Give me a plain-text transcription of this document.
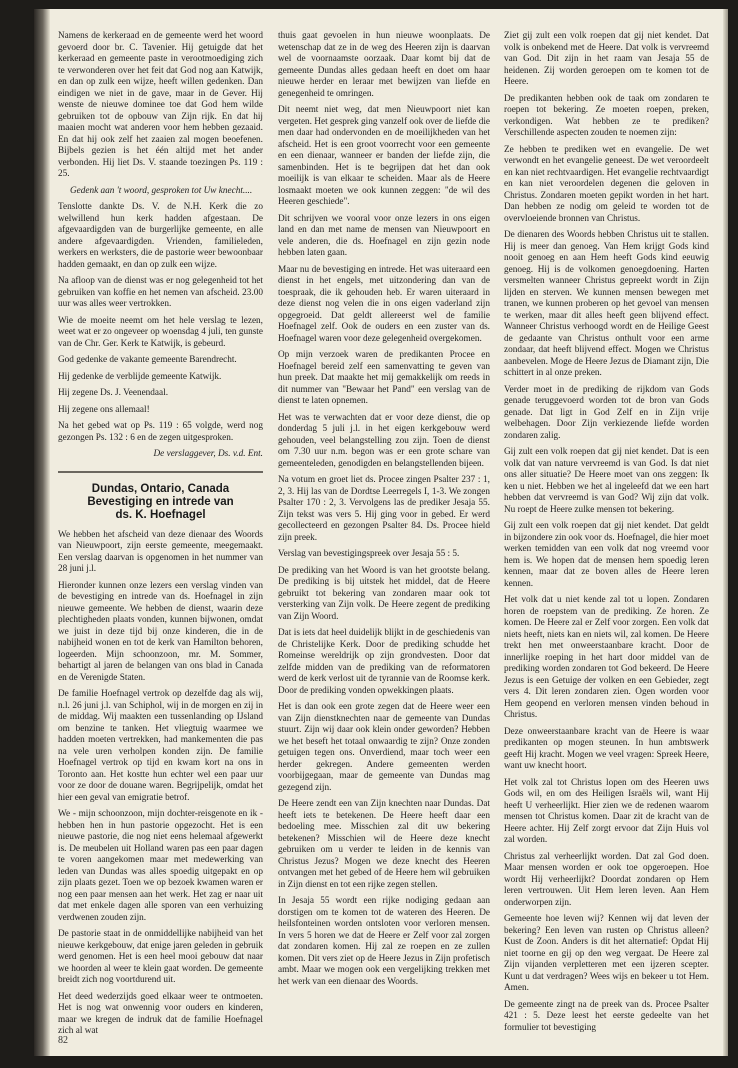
Namens de kerkeraad en de gemeente werd het woord gevoerd door br. C. Tavenier. Hij getuigde dat het kerkeraad en gemeente paste in verootmoediging zich te verwonderen over het feit dat God nog aan Katwijk, en dan op zulk een wijze, heeft willen gedenken. Dan eindigen we niet in de gave, maar in de Gever. Hij wenste de nieuwe dominee toe dat God hem wilde gebruiken tot de opbouw van Zijn rijk. En dat hij maaien mocht wat anderen voor hem hebben gezaaid. En dat hij ook zelf het zaaien zal mogen beoefenen. Bijbels gezien is het één altijd met het ander verbonden. Hij liet Ds. V. staande toezingen Ps. 119 : 25.

Gedenk aan 't woord, gesproken tot Uw knecht....

Tenslotte dankte Ds. V. de N.H. Kerk die zo welwillend hun kerk hadden afgestaan. De afgevaardigden van de burgerlijke gemeente, en alle andere afgevaardigden. Vrienden, familieleden, werkers en werksters, die de pastorie weer bewoonbaar hadden gemaakt, en dan op zulk een wijze.

Na afloop van de dienst was er nog gelegenheid tot het gebruiken van koffie en het nemen van afscheid. 23.00 uur was alles weer vertrokken.

Wie de moeite neemt om het hele verslag te lezen, weet wat er zo ongeveer op woensdag 4 juli, ten gunste van de Chr. Ger. Kerk te Katwijk, is gebeurd.

God gedenke de vakante gemeente Barendrecht.

Hij gedenke de verblijde gemeente Katwijk.

Hij zegene Ds. J. Veenendaal.

Hij zegene ons allemaal!

Na het gebed wat op Ps. 119 : 65 volgde, werd nog gezongen Ps. 132 : 6 en de zegen uitgesproken.

De verslaggever, Ds. v.d. Ent.

Dundas, Ontario, Canada
Bevestiging en intrede van
ds. K. Hoefnagel

We hebben het afscheid van deze dienaar des Woords van Nieuwpoort, zijn eerste gemeente, meegemaakt. Een verslag daarvan is opgenomen in het nummer van 28 juni j.l.

Hieronder kunnen onze lezers een verslag vinden van de bevestiging en intrede van ds. Hoefnagel in zijn nieuwe gemeente. We hebben de dienst, waarin deze plechtigheden plaats vonden, kunnen bijwonen, omdat we juist in deze tijd bij onze kinderen, die in de nabijheid wonen en tot de kerk van Hamilton behoren, logeerden. Mijn schoonzoon, mr. M. Sommer, behartigt al jaren de belangen van ons blad in Canada en de Verenigde Staten.

De familie Hoefnagel vertrok op dezelfde dag als wij, n.l. 26 juni j.l. van Schiphol, wij in de morgen en zij in de middag. Wij maakten een tussenlanding op IJsland om benzine te tanken. Het vliegtuig waarmee we hadden moeten vertrekken, had mankementen die pas na vele uren verholpen konden zijn. De familie Hoefnagel vertrok op tijd en kwam kort na ons in Toronto aan. Het kostte hun echter wel een paar uur voor ze door de douane waren. Begrijpelijk, omdat het hier een geval van emigratie betrof.

We - mijn schoonzoon, mijn dochter-reisgenote en ik - hebben hen in hun pastorie opgezocht. Het is een nieuwe pastorie, die nog niet eens helemaal afgewerkt is. De meubelen uit Holland waren pas een paar dagen te voren aangekomen maar met medewerking van leden van Dundas was alles spoedig uitgepakt en op zijn plaats gezet. Toen we op bezoek kwamen waren er nog een paar mensen aan het werk. Het zag er naar uit dat met enkele dagen alle sporen van een verhuizing verdwenen zouden zijn.

De pastorie staat in de onmiddellijke nabijheid van het nieuwe kerkgebouw, dat enige jaren geleden in gebruik werd genomen. Het is een heel mooi gebouw dat naar we hoorden al weer te klein gaat worden. De gemeente breidt zich nog voortdurend uit.

Het deed wederzijds goed elkaar weer te ontmoeten. Het is nog wat onwennig voor ouders en kinderen, maar we kregen de indruk dat de familie Hoefnagel zich al wat

thuis gaat gevoelen in hun nieuwe woonplaats. De wetenschap dat ze in de weg des Heeren zijn is daarvan wel de voornaamste oorzaak. Daar komt bij dat de gemeente Dundas alles gedaan heeft en doet om haar nieuwe herder en leraar met bewijzen van liefde en genegenheid te omringen.

Dit neemt niet weg, dat men Nieuwpoort niet kan vergeten. Het gesprek ging vanzelf ook over de liefde die men daar had ondervonden en de moeilijkheden van het afscheid. Het is een groot voorrecht voor een gemeente en een dienaar, wanneer er banden der liefde zijn, die samenbinden. Het is te begrijpen dat het dan ook moeilijk is van elkaar te scheiden. Maar als de Heere losmaakt moeten we ook kunnen zeggen: "de wil des Heeren geschiede".

Dit schrijven we vooral voor onze lezers in ons eigen land en dan met name de mensen van Nieuwpoort en vele anderen, die ds. Hoefnagel en zijn gezin node hebben laten gaan.

Maar nu de bevestiging en intrede. Het was uiteraard een dienst in het engels, met uitzondering dan van de toespraak, die ik gehouden heb. Er waren uiteraard in deze dienst nog velen die in ons eigen vaderland zijn opgegroeid. Dat geldt allereerst wel de familie Hoefnagel zelf. Ook de ouders en een zuster van ds. Hoefnagel waren voor deze gelegenheid overgekomen.

Op mijn verzoek waren de predikanten Procee en Hoefnagel bereid zelf een samenvatting te geven van hun preek. Dat maakte het mij gemakkelijk om reeds in dit nummer van "Bewaar het Pand" een verslag van de dienst te laten opnemen.

Het was te verwachten dat er voor deze dienst, die op donderdag 5 juli j.l. in het eigen kerkgebouw werd gehouden, veel belangstelling zou zijn. Toen de dienst om 7.30 uur n.m. begon was er een grote schare van gemeenteleden, genodigden en belangstellenden bijeen.

Na votum en groet liet ds. Procee zingen Psalter 237 : 1, 2, 3. Hij las van de Dordtse Leerregels I, 1-3. We zongen Psalter 170 : 2, 3. Vervolgens las de prediker Jesaja 55. Zijn tekst was vers 5. Hij ging voor in gebed. Er werd gecollecteerd en gezongen Psalter 84. Ds. Procee hield zijn preek.

Verslag van bevestigingspreek over Jesaja 55 : 5.

De prediking van het Woord is van het grootste belang. De prediking is bij uitstek het middel, dat de Heere gebruikt tot bekering van zondaren maar ook tot versterking van Zijn volk. De Heere zegent de prediking van Zijn Woord.

Dat is iets dat heel duidelijk blijkt in de geschiedenis van de Christelijke Kerk. Door de prediking schudde het Romeinse wereldrijk op zijn grondvesten. Door dat zelfde midden van de prediking van de reformatoren werd de kerk verlost uit de tyrannie van de Roomse kerk. Door de prediking vonden opwekkingen plaats.

Het is dan ook een grote zegen dat de Heere weer een van Zijn dienstknechten naar de gemeente van Dundas stuurt. Zijn wij daar ook klein onder geworden? Hebben we het beseft het totaal onwaardig te zijn? Onze zonden getuigen tegen ons. Onverdiend, maar toch weer een herder gekregen. Andere gemeenten werden voorbijgegaan, maar de gemeente van Dundas mag gezegend zijn.

De Heere zendt een van Zijn knechten naar Dundas. Dat heeft iets te betekenen. De Heere heeft daar een bedoeling mee. Misschien zal dit uw bekering betekenen? Misschien wil de Heere deze knecht gebruiken om u verder te leiden in de kennis van Christus Jezus? Mogen we deze knecht des Heeren ontvangen met het gebed of de Heere hem wil gebruiken in Zijn dienst en tot een rijke zegen stellen.

In Jesaja 55 wordt een rijke nodiging gedaan aan dorstigen om te komen tot de wateren des Heeren. De heilsfonteinen worden ontsloten voor verloren mensen. In vers 5 horen we dat de Heere er Zelf voor zal zorgen dat zondaren komen. Hij zal ze roepen en ze zullen komen. Dit vers ziet op de Heere Jezus in Zijn profetisch ambt. Maar we mogen ook een vergelijking trekken met het werk van een dienaar des Woords.

Ziet gij zult een volk roepen dat gij niet kendet. Dat volk is onbekend met de Heere. Dat volk is vervreemd van God. Dit zijn in het raam van Jesaja 55 de heidenen. Zij worden geroepen om te komen tot de Heere.

De predikanten hebben ook de taak om zondaren te roepen tot bekering. Ze moeten roepen, preken, verkondigen. Wat hebben ze te prediken? Verschillende aspecten zouden te noemen zijn:

Ze hebben te prediken wet en evangelie. De wet verwondt en het evangelie geneest. De wet veroordeelt en kan niet rechtvaardigen. Het evangelie rechtvaardigt en kan niet veroordelen degenen die geloven in Christus. Zondaren moeten gepikt worden in het hart. Dan hebben ze nodig om geleid te worden tot de overvloeiende bronnen van Christus.

De dienaren des Woords hebben Christus uit te stallen. Hij is meer dan genoeg. Van Hem krijgt Gods kind nooit genoeg en aan Hem heeft Gods kind eeuwig genoeg. Hij is de volkomen genoegdoening. Harten versmelten wanneer Christus gepreekt wordt in Zijn lijden en sterven. We kunnen mensen bewegen met tranen, we kunnen proberen op het gevoel van mensen te werken, maar dit alles heeft geen blijvend effect. Wanneer Christus verhoogd wordt en de Heilige Geest de gedaante van Christus onthult voor een arme zondaar, dat heeft blijvend effect. Mogen we Christus aanbevelen. Moge de Heere Jezus de Diamant zijn, Die schittert in al onze preken.

Verder moet in de prediking de rijkdom van Gods genade teruggevoerd worden tot de bron van Gods genade. Dat ligt in God Zelf en in Zijn vrije welbehagen. Door Zijn verkiezende liefde worden zondaren zalig.

Gij zult een volk roepen dat gij niet kendet. Dat is een volk dat van nature vervreemd is van God. Is dat niet ons aller situatie? De Heere moet van ons zeggen: Ik ken u niet. Hebben we het al ingeleefd dat we een hart hebben dat vervreemd is van God? Wij zijn dat volk. Nu roept de Heere zulke mensen tot bekering.

Gij zult een volk roepen dat gij niet kendet. Dat geldt in bijzondere zin ook voor ds. Hoefnagel, die hier moet werken temidden van een volk dat nog vreemd voor hem is. We hopen dat de mensen hem spoedig leren kennen, maar dat ze boven alles de Heere leren kennen.

Het volk dat u niet kende zal tot u lopen. Zondaren horen de roepstem van de prediking. Ze horen. Ze komen. De Heere zal er Zelf voor zorgen. Een volk dat niets heeft, niets kan en niets wil, zal komen. De Heere trekt hen met onweerstaanbare kracht. Door de innerlijke roeping in het hart door middel van de prediking worden zondaren tot God bekeerd. De Heere Jezus is een Getuige der volken en een Gebieder, zegt vers 4. Dit leren zondaren zien. Ogen worden voor Hem geopend en verloren mensen vinden behoud in Christus.

Deze onweerstaanbare kracht van de Heere is waar predikanten op mogen steunen. In hun ambtswerk geeft Hij kracht. Mogen we veel vragen: Spreek Heere, want uw knecht hoort.

Het volk zal tot Christus lopen om des Heeren uws Gods wil, en om des Heiligen Israëls wil, want Hij heeft U verheerlijkt. Hier zien we de redenen waarom mensen tot Christus komen. Daar zit de kracht van de Heere achter. Hij Zelf zorgt ervoor dat Zijn Huis vol zal worden.

Christus zal verheerlijkt worden. Dat zal God doen. Maar mensen worden er ook toe opgeroepen. Hoe wordt Hij verheerlijkt? Doordat zondaren op Hem leren vertrouwen. Uit Hem leren leven. Aan Hem onderworpen zijn.

Gemeente hoe leven wij? Kennen wij dat leven der bekering? Een leven van rusten op Christus alleen? Kust de Zoon. Anders is dit het alternatief: Opdat Hij niet toorne en gij op den weg vergaat. De Heere zal Zijn vijanden verpletteren met een ijzeren scepter. Kunt u dat verdragen? Wees wijs en bekeer u tot Hem. Amen.

De gemeente zingt na de preek van ds. Procee Psalter 421 : 5. Deze leest het eerste gedeelte van het formulier tot bevestiging

82
